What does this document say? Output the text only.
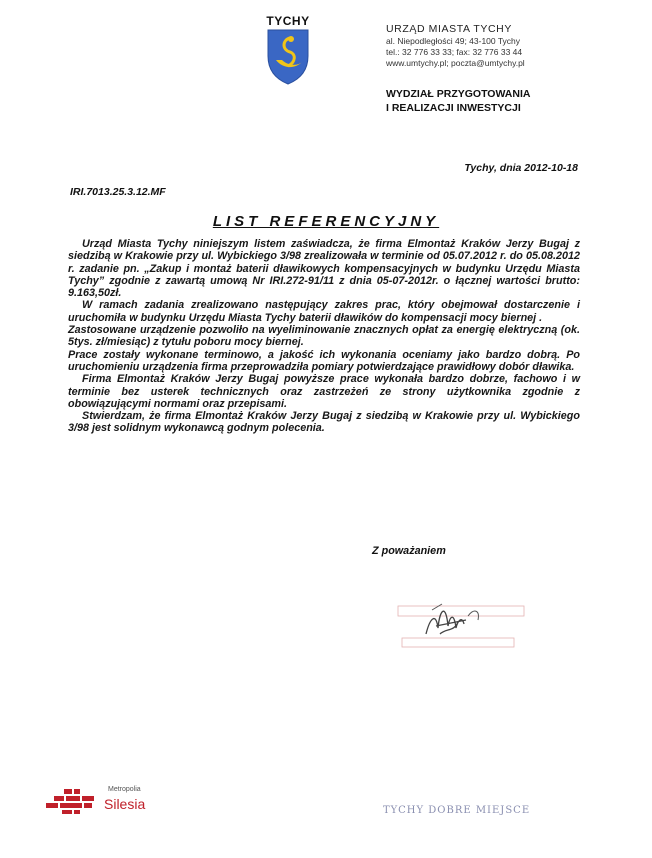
TYCHY
URZĄD MIASTA TYCHY
al. Niepodległości 49; 43-100 Tychy
tel.: 32 776 33 33; fax: 32 776 33 44
www.umtychy.pl; poczta@umtychy.pl
WYDZIAŁ PRZYGOTOWANIA
I REALIZACJI INWESTYCJI
Tychy, dnia 2012-10-18
IRI.7013.25.3.12.MF
LIST REFERENCYJNY

Urząd Miasta Tychy niniejszym listem zaświadcza, że firma Elmontaż Kraków Jerzy Bugaj z siedzibą w Krakowie przy ul. Wybickiego 3/98 zrealizowała w terminie od 05.07.2012 r. do 05.08.2012 r. zadanie pn. „Zakup i montaż baterii dławikowych kompensacyjnych w budynku Urzędu Miasta Tychy” zgodnie z zawartą umową Nr IRI.272-91/11 z dnia 05-07-2012r. o łącznej wartości brutto: 9.163,50zł.

W ramach zadania zrealizowano następujący zakres prac, który obejmował dostarczenie i uruchomiła w budynku Urzędu Miasta Tychy baterii dławików do kompensacji mocy biernej .

Zastosowane urządzenie pozwoliło na wyeliminowanie znacznych opłat za energię elektryczną (ok. 5tys. zł/miesiąc) z tytułu poboru mocy biernej.

Prace zostały wykonane terminowo, a jakość ich wykonania oceniamy jako bardzo dobrą. Po uruchomieniu urządzenia firma przeprowadziła pomiary potwierdzające prawidłowy dobór dławika.

Firma Elmontaż Kraków Jerzy Bugaj powyższe prace wykonała bardzo dobrze, fachowo i w terminie bez usterek technicznych oraz zastrzeżeń ze strony użytkownika zgodnie z obowiązującymi normami oraz przepisami.

Stwierdzam, że firma Elmontaż Kraków Jerzy Bugaj z siedzibą w Krakowie przy ul. Wybickiego 3/98 jest solidnym wykonawcą godnym polecenia.

Z poważaniem
Metropolia
Silesia	TYCHY DOBRE MIEJSCE
